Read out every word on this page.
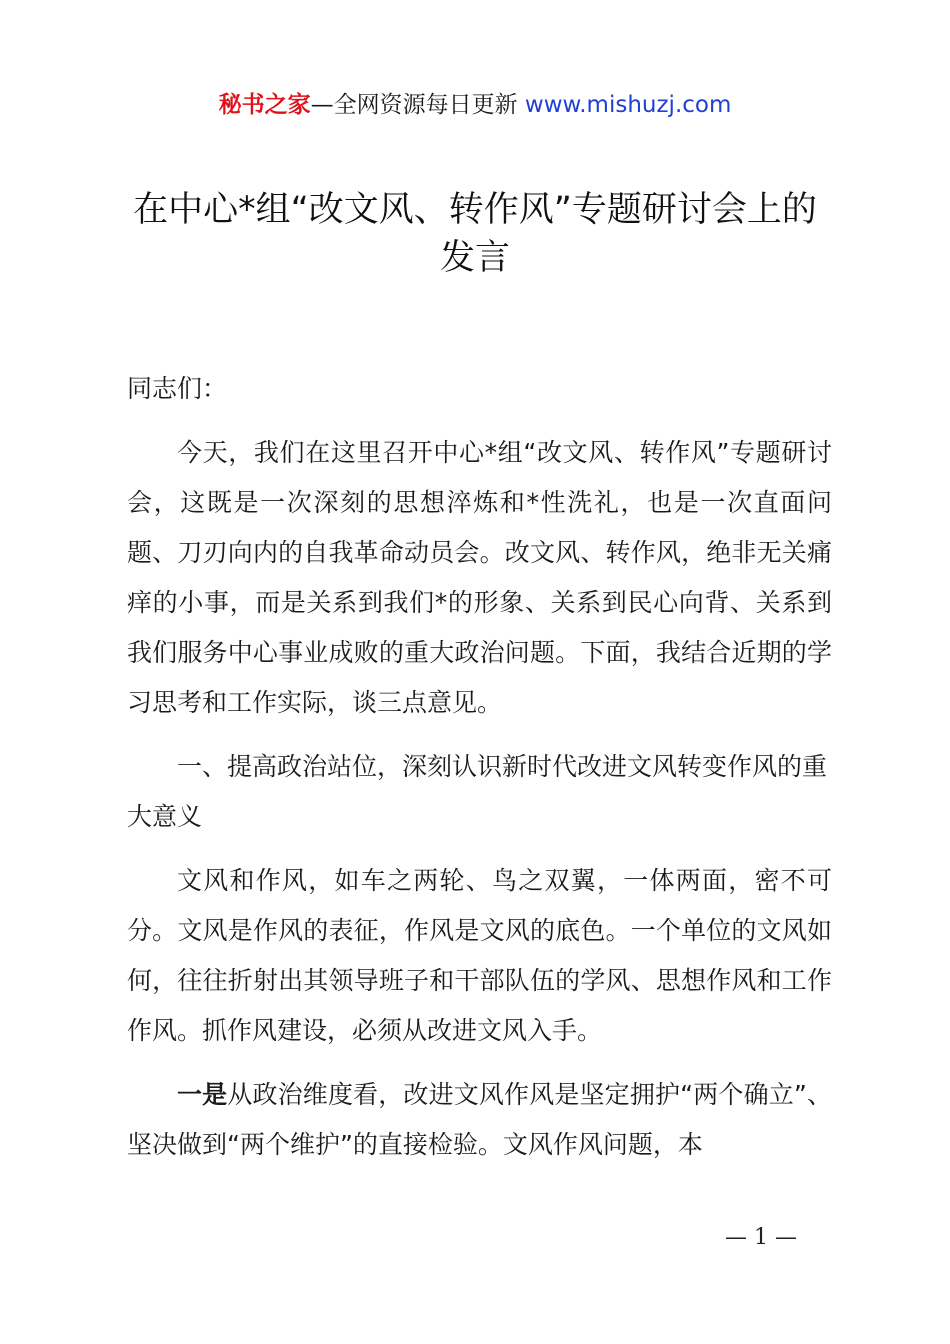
秘书之家—全网资源每日更新 www.mishuzj.com
在中心*组“改文风、转作风”专题研讨会上的发言

同志们：

今天，我们在这里召开中心*组“改文风、转作风”专题研讨会，这既是一次深刻的思想淬炼和*性洗礼，也是一次直面问题、刀刃向内的自我革命动员会。改文风、转作风，绝非无关痛痒的小事，而是关系到我们*的形象、关系到民心向背、关系到我们服务中心事业成败的重大政治问题。下面，我结合近期的学习思考和工作实际，谈三点意见。

一、提高政治站位，深刻认识新时代改进文风转变作风的重大意义

文风和作风，如车之两轮、鸟之双翼，一体两面，密不可分。文风是作风的表征，作风是文风的底色。一个单位的文风如何，往往折射出其领导班子和干部队伍的学风、思想作风和工作作风。抓作风建设，必须从改进文风入手。

一是从政治维度看，改进文风作风是坚定拥护“两个确立”、坚决做到“两个维护”的直接检验。文风作风问题，本

— 1 —
